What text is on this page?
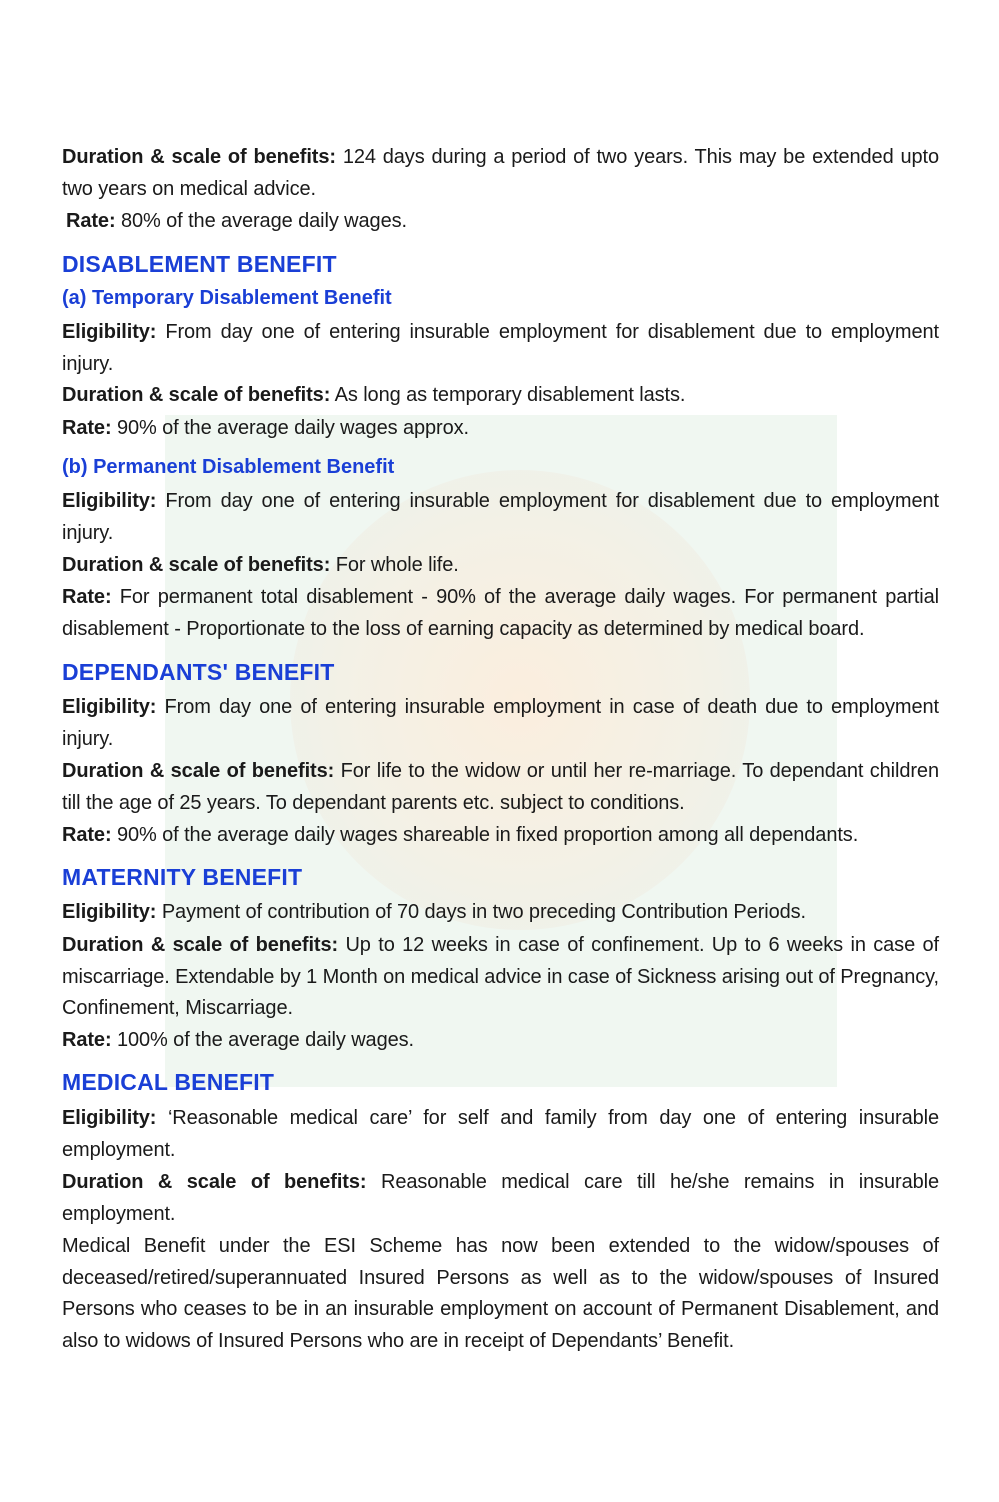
Duration & scale of benefits: 124 days during a period of two years. This may be extended upto two years on medical advice.
Rate: 80% of the average daily wages.
DISABLEMENT BENEFIT
(a) Temporary Disablement Benefit
Eligibility: From day one of entering insurable employment for disablement due to employment injury.
Duration & scale of benefits: As long as temporary disablement lasts.
Rate: 90% of the average daily wages approx.
(b) Permanent Disablement Benefit
Eligibility: From day one of entering insurable employment for disablement due to employment injury.
Duration & scale of benefits: For whole life.
Rate: For permanent total disablement - 90% of the average daily wages. For permanent partial disablement - Proportionate to the loss of earning capacity as determined by medical board.
DEPENDANTS' BENEFIT
Eligibility: From day one of entering insurable employment in case of death due to employment injury.
Duration & scale of benefits: For life to the widow or until her re-marriage. To dependant children till the age of 25 years. To dependant parents etc. subject to conditions.
Rate: 90% of the average daily wages shareable in fixed proportion among all dependants.
MATERNITY BENEFIT
Eligibility: Payment of contribution of 70 days in two preceding Contribution Periods.
Duration & scale of benefits: Up to 12 weeks in case of confinement. Up to 6 weeks in case of miscarriage. Extendable by 1 Month on medical advice in case of Sickness arising out of Pregnancy, Confinement, Miscarriage.
Rate: 100% of the average daily wages.
MEDICAL BENEFIT
Eligibility: ‘Reasonable medical care’ for self and family from day one of entering insurable employment.
Duration & scale of benefits: Reasonable medical care till he/she remains in insurable employment.
Medical Benefit under the ESI Scheme has now been extended to the widow/spouses of deceased/retired/superannuated Insured Persons as well as to the widow/spouses of Insured Persons who ceases to be in an insurable employment on account of Permanent Disablement, and also to widows of Insured Persons who are in receipt of Dependants’ Benefit.
